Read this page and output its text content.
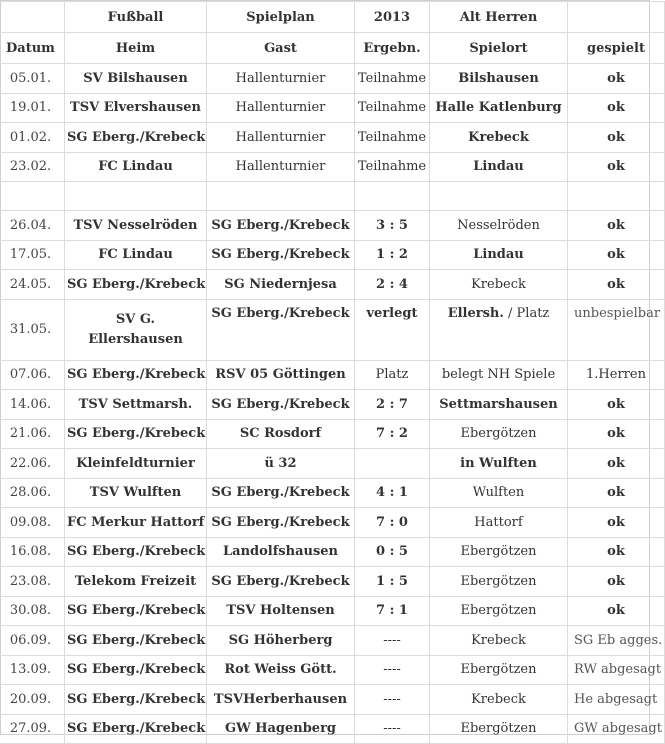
	Fußball	Spielplan	2013	Alt Herren	
Datum	Heim	Gast	Ergebn.	Spielort	gespielt
05.01.	SV Bilshausen	Hallenturnier	Teilnahme	Bilshausen	ok
19.01.	TSV Elvershausen	Hallenturnier	Teilnahme	Halle Katlenburg	ok
01.02.	SG Eberg./Krebeck	Hallenturnier	Teilnahme	Krebeck	ok
23.02.	FC Lindau	Hallenturnier	Teilnahme	Lindau	ok

26.04.	TSV Nesselröden	SG Eberg./Krebeck	3 : 5	Nesselröden	ok
17.05.	FC Lindau	SG Eberg./Krebeck	1 : 2	Lindau	ok
24.05.	SG Eberg./Krebeck	SG Niedernjesa	2 : 4	Krebeck	ok
31.05.	SV G. Ellershausen	SG Eberg./Krebeck	verlegt	Ellersh. / Platz	unbespielbar
07.06.	SG Eberg./Krebeck	RSV 05 Göttingen	Platz	belegt NH Spiele	1.Herren
14.06.	TSV Settmarsh.	SG Eberg./Krebeck	2 : 7	Settmarshausen	ok
21.06.	SG Eberg./Krebeck	SC Rosdorf	7 : 2	Ebergötzen	ok
22.06.	Kleinfeldturnier	ü 32		in Wulften	ok
28.06.	TSV Wulften	SG Eberg./Krebeck	4 : 1	Wulften	ok
09.08.	FC Merkur Hattorf	SG Eberg./Krebeck	7 : 0	Hattorf	ok
16.08.	SG Eberg./Krebeck	Landolfshausen	0 : 5	Ebergötzen	ok
23.08.	Telekom Freizeit	SG Eberg./Krebeck	1 : 5	Ebergötzen	ok
30.08.	SG Eberg./Krebeck	TSV Holtensen	7 : 1	Ebergötzen	ok
06.09.	SG Eberg./Krebeck	SG Höherberg	----	Krebeck	SG Eb agges.
13.09.	SG Eberg./Krebeck	Rot Weiss Gött.	----	Ebergötzen	RW abgesagt
20.09.	SG Eberg./Krebeck	TSVHerberhausen	----	Krebeck	He abgesagt
27.09.	SG Eberg./Krebeck	GW Hagenberg	----	Ebergötzen	GW abgesagt
